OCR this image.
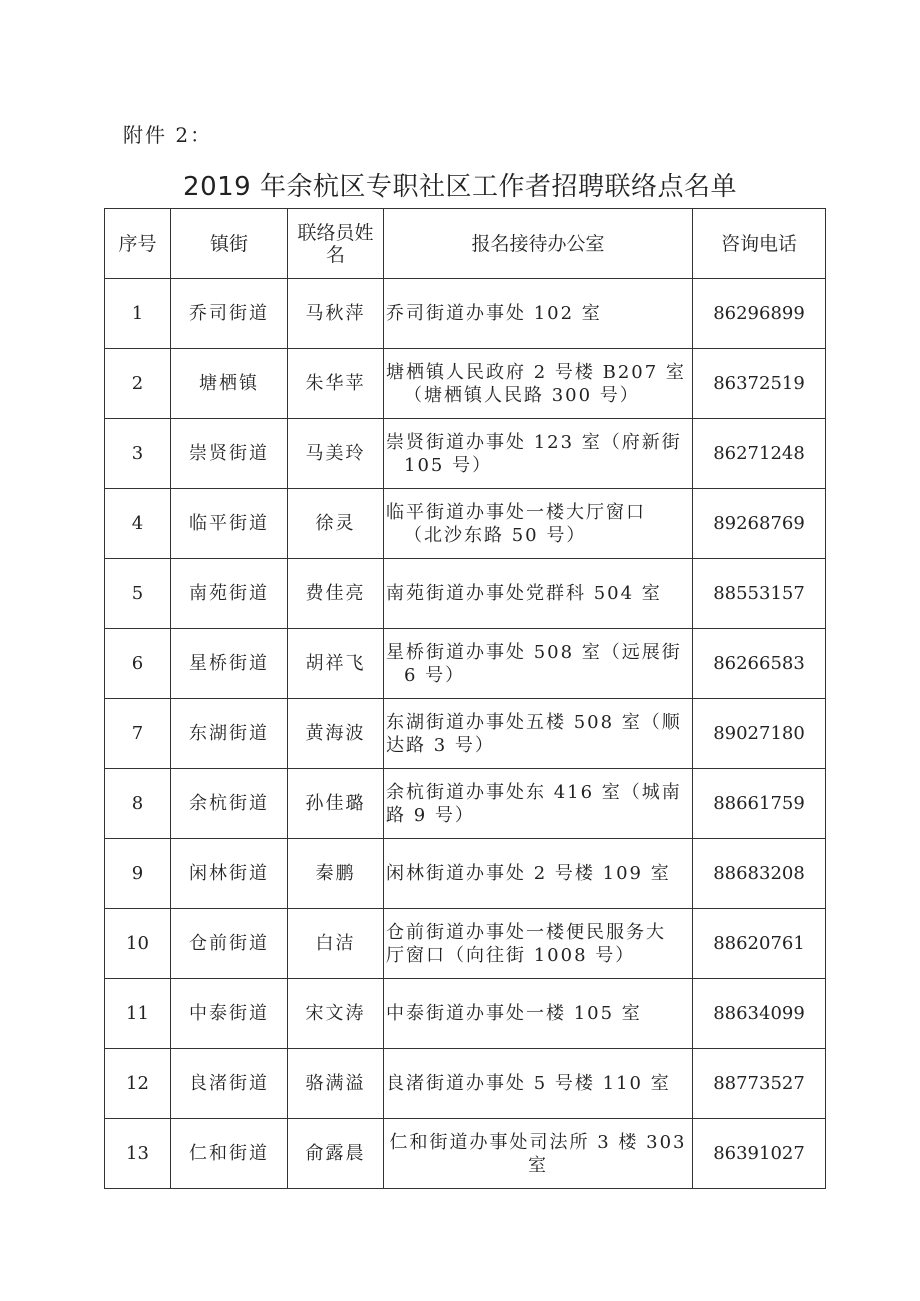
附件 2：
2019 年余杭区专职社区工作者招聘联络点名单
序号	镇街	联络员姓名	报名接待办公室	咨询电话
1	乔司街道	马秋萍	乔司街道办事处 102 室	86296899
2	塘栖镇	朱华苹	塘栖镇人民政府 2 号楼 B207 室
（塘栖镇人民路 300 号）	86372519
3	崇贤街道	马美玲	崇贤街道办事处 123 室（府新街
105 号）	86271248
4	临平街道	徐灵	临平街道办事处一楼大厅窗口
（北沙东路 50 号）	89268769
5	南苑街道	费佳亮	南苑街道办事处党群科 504 室	88553157
6	星桥街道	胡祥飞	星桥街道办事处 508 室（远展街
6 号）	86266583
7	东湖街道	黄海波	东湖街道办事处五楼 508 室（顺
达路 3 号）	89027180
8	余杭街道	孙佳璐	余杭街道办事处东 416 室（城南
路 9 号）	88661759
9	闲林街道	秦鹏	闲林街道办事处 2 号楼 109 室	88683208
10	仓前街道	白洁	仓前街道办事处一楼便民服务大
厅窗口（向往街 1008 号）	88620761
11	中泰街道	宋文涛	中泰街道办事处一楼 105 室	88634099
12	良渚街道	骆满溢	良渚街道办事处 5 号楼 110 室	88773527
13	仁和街道	俞露晨	仁和街道办事处司法所 3 楼 303
室	86391027
